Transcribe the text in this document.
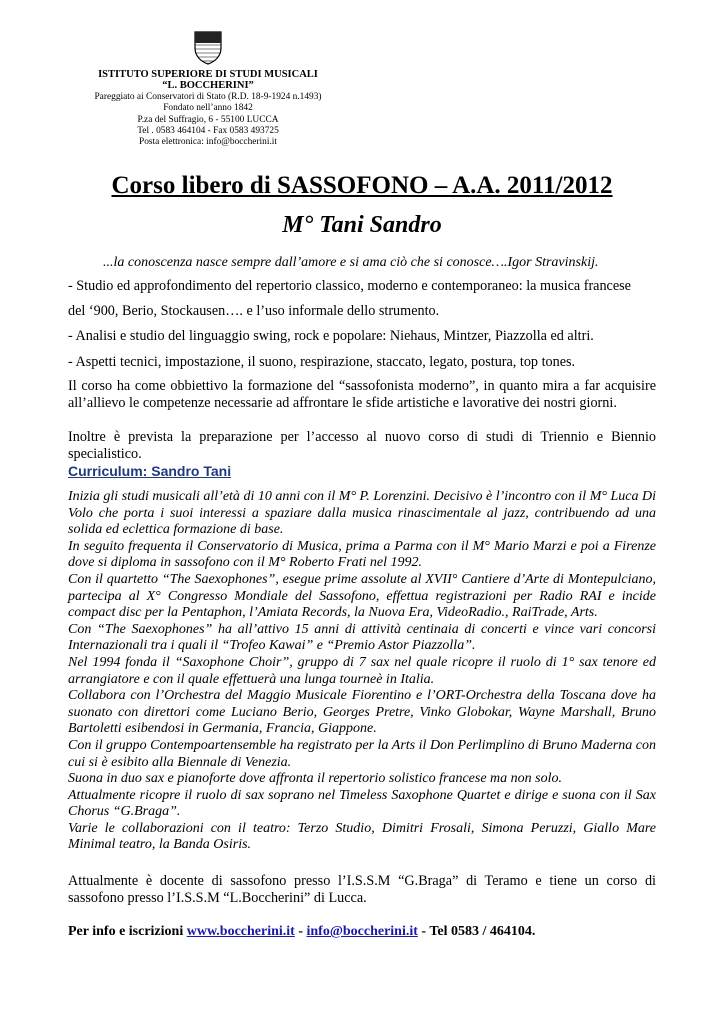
ISTITUTO SUPERIORE DI STUDI MUSICALI
“L. BOCCHERINI”
Pareggiato ai Conservatori di Stato (R.D. 18-9-1924 n.1493)
Fondato nell’anno 1842
P.za del Suffragio, 6 - 55100 LUCCA
Tel . 0583 464104 - Fax 0583 493725
Posta elettronica: info@boccherini.it
Corso libero di SASSOFONO – A.A. 2011/2012
M° Tani Sandro
...la conoscenza nasce sempre dall’amore e si ama ciò che si conosce….Igor Stravinskij.
- Studio ed approfondimento del repertorio classico, moderno e contemporaneo: la musica francese
del ‘900, Berio, Stockausen…. e l’uso informale dello strumento.
- Analisi e studio del linguaggio swing, rock e popolare: Niehaus, Mintzer, Piazzolla ed altri.
- Aspetti tecnici, impostazione, il suono, respirazione, staccato, legato, postura, top tones.
Il corso ha come obbiettivo la formazione del “sassofonista moderno”, in quanto mira a far acquisire all’allievo le competenze necessarie ad affrontare le sfide artistiche e lavorative dei nostri giorni.
Inoltre è prevista la preparazione per l’accesso al nuovo corso di studi di Triennio e Biennio specialistico.
Curriculum: Sandro Tani

Inizia gli studi musicali all’età di 10 anni con il M° P. Lorenzini. Decisivo è l’incontro con il M° Luca Di Volo che porta i suoi interessi a spaziare dalla musica rinascimentale al jazz, contribuendo ad una solida ed eclettica formazione di base.

In seguito frequenta il Conservatorio di Musica, prima a Parma con il M° Mario Marzi e poi a Firenze dove si diploma in sassofono con il M° Roberto Frati nel 1992.

Con il quartetto “The Saexophones”, esegue prime assolute al XVII° Cantiere d’Arte di Montepulciano, partecipa al X° Congresso Mondiale del Sassofono, effettua registrazioni per Radio RAI e incide compact disc per la Pentaphon, l’Amiata Records, la Nuova Era, VideoRadio., RaiTrade, Arts.

Con “The Saexophones” ha all’attivo 15 anni di attività centinaia di concerti e vince vari concorsi Internazionali tra i quali il “Trofeo Kawai” e “Premio Astor Piazzolla”.

Nel 1994 fonda il “Saxophone Choir”, gruppo di 7 sax nel quale ricopre il ruolo di 1° sax tenore ed arrangiatore e con il quale effettuerà una lunga tourneè in Italia.

Collabora con l’Orchestra del Maggio Musicale Fiorentino e l’ORT-Orchestra della Toscana dove ha suonato con direttori come Luciano Berio, Georges Pretre, Vinko Globokar, Wayne Marshall, Bruno Bartoletti esibendosi in Germania, Francia, Giappone.

Con il gruppo Contempoartensemble ha registrato per la Arts il Don Perlimplino di Bruno Maderna con cui si è esibito alla Biennale di Venezia.

Suona in duo sax e pianoforte dove affronta il repertorio solistico francese ma non solo.

Attualmente ricopre il ruolo di sax soprano nel Timeless Saxophone Quartet e dirige e suona con il Sax Chorus “G.Braga”.

Varie le collaborazioni con il teatro: Terzo Studio, Dimitri Frosali, Simona Peruzzi, Giallo Mare Minimal teatro, la Banda Osiris.

Attualmente è docente di sassofono presso l’I.S.S.M “G.Braga” di Teramo e tiene un corso di sassofono presso l’I.S.S.M “L.Boccherini” di Lucca.
Per info e iscrizioni www.boccherini.it - info@boccherini.it - Tel 0583 / 464104.
